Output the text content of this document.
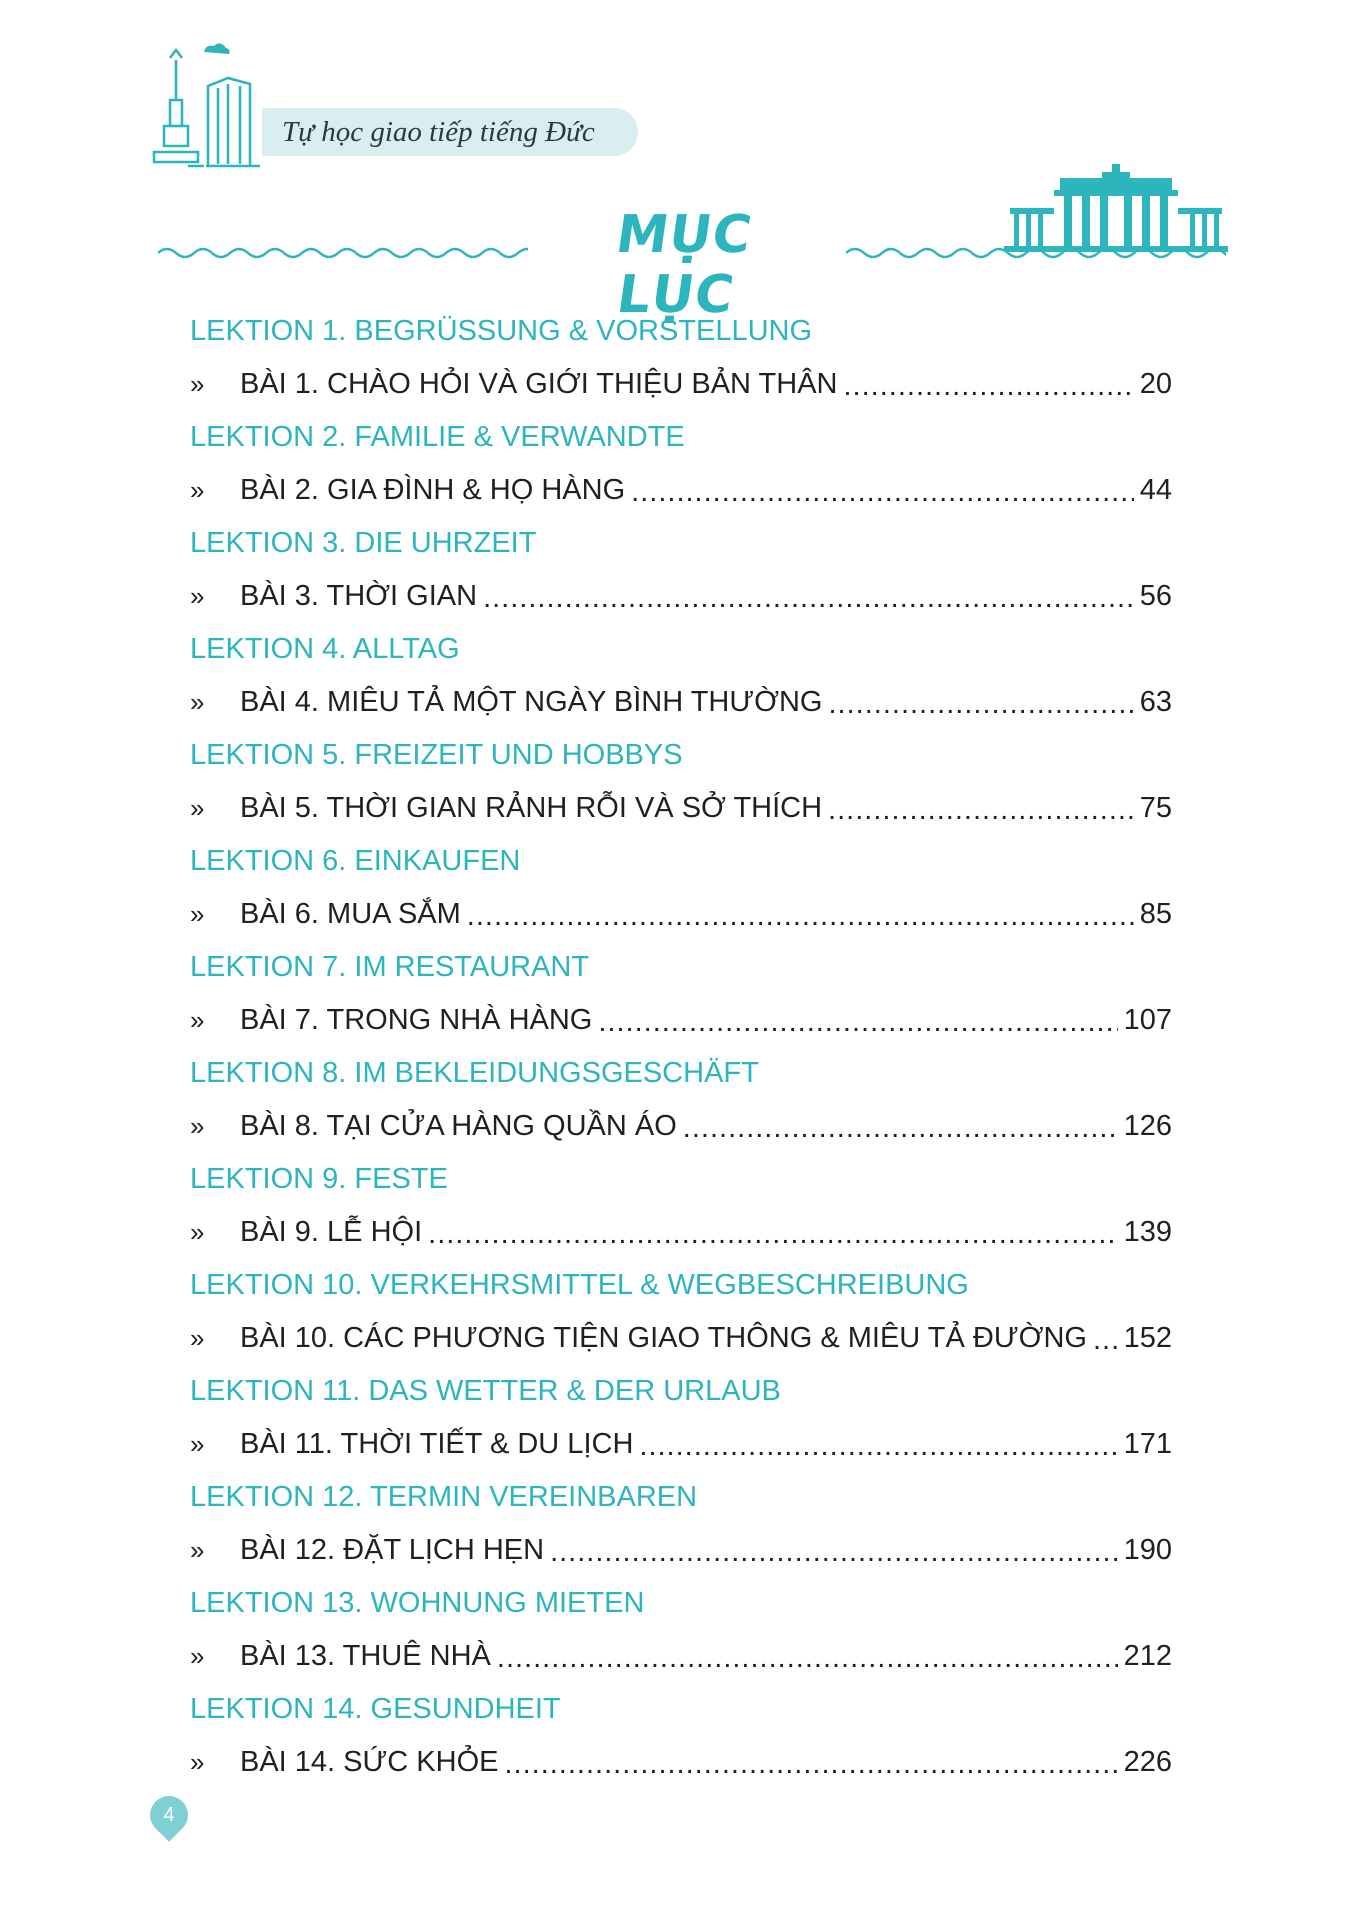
Tự học giao tiếp tiếng Đức
MỤC LỤC
LEKTION 1. BEGRÜSSUNG & VORSTELLUNG
»	BÀI 1. CHÀO HỎI VÀ GIỚI THIỆU BẢN THÂN .....	20
LEKTION 2. FAMILIE & VERWANDTE
»	BÀI 2. GIA ĐÌNH & HỌ HÀNG .....	44
LEKTION 3. DIE UHRZEIT
»	BÀI 3. THỜI GIAN .....	56
LEKTION 4. ALLTAG
»	BÀI 4. MIÊU TẢ MỘT NGÀY BÌNH THƯỜNG .....	63
LEKTION 5. FREIZEIT UND HOBBYS
»	BÀI 5. THỜI GIAN RẢNH RỖI VÀ SỞ THÍCH .....	75
LEKTION 6. EINKAUFEN
»	BÀI 6. MUA SẮM .....	85
LEKTION 7. IM RESTAURANT
»	BÀI 7. TRONG NHÀ HÀNG .....	107
LEKTION 8. IM BEKLEIDUNGSGESCHÄFT
»	BÀI 8. TẠI CỬA HÀNG QUẦN ÁO .....	126
LEKTION 9. FESTE
»	BÀI 9. LỄ HỘI .....	139
LEKTION 10. VERKEHRSMITTEL & WEGBESCHREIBUNG
»	BÀI 10. CÁC PHƯƠNG TIỆN GIAO THÔNG & MIÊU TẢ ĐƯỜNG ..... 152
LEKTION 11. DAS WETTER & DER URLAUB
»	BÀI 11. THỜI TIẾT & DU LỊCH .....	171
LEKTION 12. TERMIN VEREINBAREN
»	BÀI 12. ĐẶT LỊCH HẸN .....	190
LEKTION 13. WOHNUNG MIETEN
»	BÀI 13. THUÊ NHÀ .....	212
LEKTION 14. GESUNDHEIT
»	BÀI 14. SỨC KHỎE .....	226
4
